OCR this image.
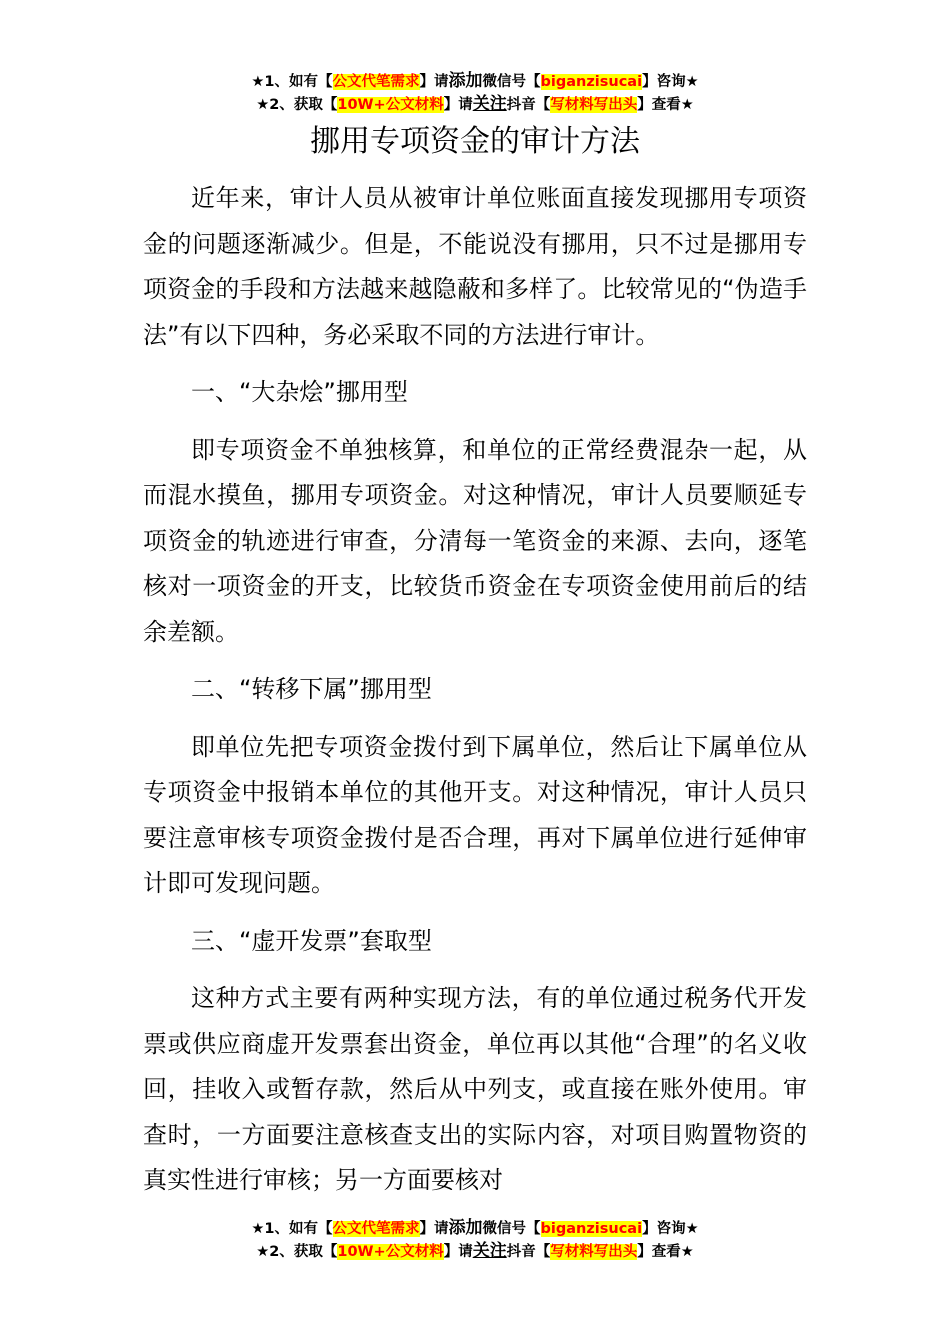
★1、如有【公文代笔需求】请添加微信号【biganzisucai】咨询★
★2、获取【10W+公文材料】请关注抖音【写材料写出头】查看★
挪用专项资金的审计方法

近年来，审计人员从被审计单位账面直接发现挪用专项资金的问题逐渐减少。但是，不能说没有挪用，只不过是挪用专项资金的手段和方法越来越隐蔽和多样了。比较常见的“伪造手法”有以下四种，务必采取不同的方法进行审计。

一、“大杂烩”挪用型

即专项资金不单独核算，和单位的正常经费混杂一起，从而混水摸鱼，挪用专项资金。对这种情况，审计人员要顺延专项资金的轨迹进行审查，分清每一笔资金的来源、去向，逐笔核对一项资金的开支，比较货币资金在专项资金使用前后的结余差额。

二、“转移下属”挪用型

即单位先把专项资金拨付到下属单位，然后让下属单位从专项资金中报销本单位的其他开支。对这种情况，审计人员只要注意审核专项资金拨付是否合理，再对下属单位进行延伸审计即可发现问题。

三、“虚开发票”套取型

这种方式主要有两种实现方法，有的单位通过税务代开发票或供应商虚开发票套出资金，单位再以其他“合理”的名义收回，挂收入或暂存款，然后从中列支，或直接在账外使用。审查时，一方面要注意核查支出的实际内容，对项目购置物资的真实性进行审核；另一方面要核对

★1、如有【公文代笔需求】请添加微信号【biganzisucai】咨询★
★2、获取【10W+公文材料】请关注抖音【写材料写出头】查看★
